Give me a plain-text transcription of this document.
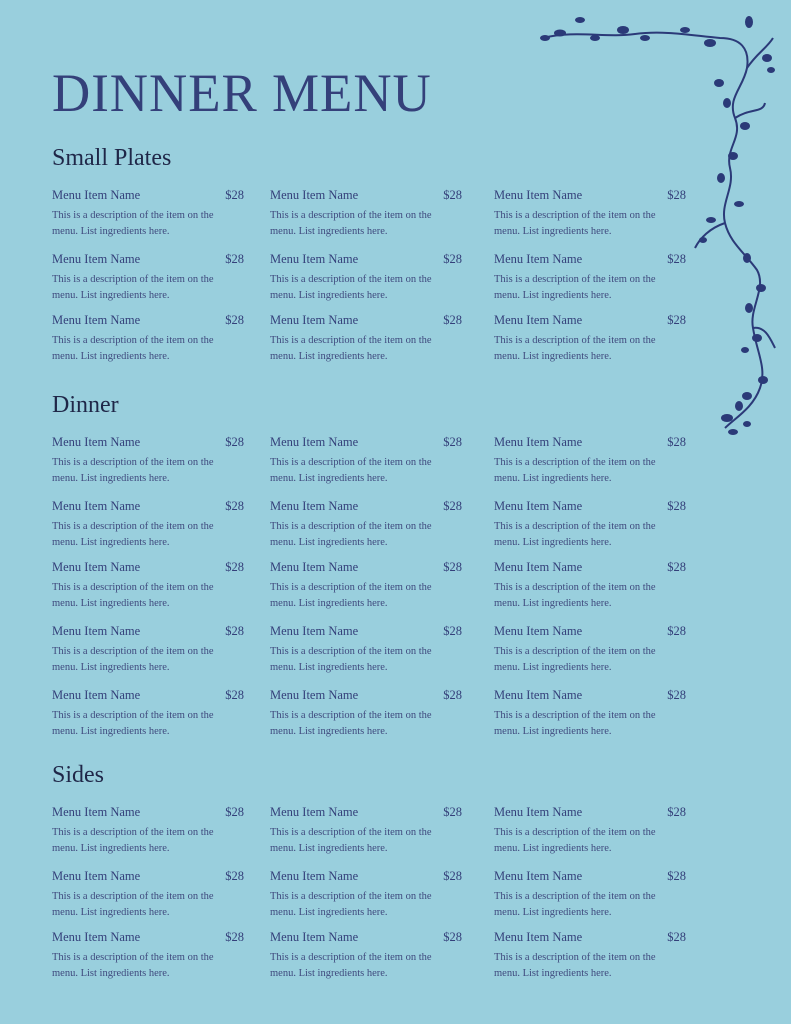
DINNER MENU
Small Plates
Menu Item Name	$28
This is a description of the item on the menu. List ingredients here.
Menu Item Name	$28
This is a description of the item on the menu. List ingredients here.
Menu Item Name	$28
This is a description of the item on the menu. List ingredients here.
Menu Item Name	$28
This is a description of the item on the menu. List ingredients here.
Menu Item Name	$28
This is a description of the item on the menu. List ingredients here.
Menu Item Name	$28
This is a description of the item on the menu. List ingredients here.
Menu Item Name	$28
This is a description of the item on the menu. List ingredients here.
Menu Item Name	$28
This is a description of the item on the menu. List ingredients here.
Menu Item Name	$28
This is a description of the item on the menu. List ingredients here.
Dinner
Menu Item Name	$28
This is a description of the item on the menu. List ingredients here.
Menu Item Name	$28
This is a description of the item on the menu. List ingredients here.
Menu Item Name	$28
This is a description of the item on the menu. List ingredients here.
Menu Item Name	$28
This is a description of the item on the menu. List ingredients here.
Menu Item Name	$28
This is a description of the item on the menu. List ingredients here.
Menu Item Name	$28
This is a description of the item on the menu. List ingredients here.
Menu Item Name	$28
This is a description of the item on the menu. List ingredients here.
Menu Item Name	$28
This is a description of the item on the menu. List ingredients here.
Menu Item Name	$28
This is a description of the item on the menu. List ingredients here.
Menu Item Name	$28
This is a description of the item on the menu. List ingredients here.
Menu Item Name	$28
This is a description of the item on the menu. List ingredients here.
Menu Item Name	$28
This is a description of the item on the menu. List ingredients here.
Menu Item Name	$28
This is a description of the item on the menu. List ingredients here.
Menu Item Name	$28
This is a description of the item on the menu. List ingredients here.
Menu Item Name	$28
This is a description of the item on the menu. List ingredients here.
Sides
Menu Item Name	$28
This is a description of the item on the menu. List ingredients here.
Menu Item Name	$28
This is a description of the item on the menu. List ingredients here.
Menu Item Name	$28
This is a description of the item on the menu. List ingredients here.
Menu Item Name	$28
This is a description of the item on the menu. List ingredients here.
Menu Item Name	$28
This is a description of the item on the menu. List ingredients here.
Menu Item Name	$28
This is a description of the item on the menu. List ingredients here.
Menu Item Name	$28
This is a description of the item on the menu. List ingredients here.
Menu Item Name	$28
This is a description of the item on the menu. List ingredients here.
Menu Item Name	$28
This is a description of the item on the menu. List ingredients here.
